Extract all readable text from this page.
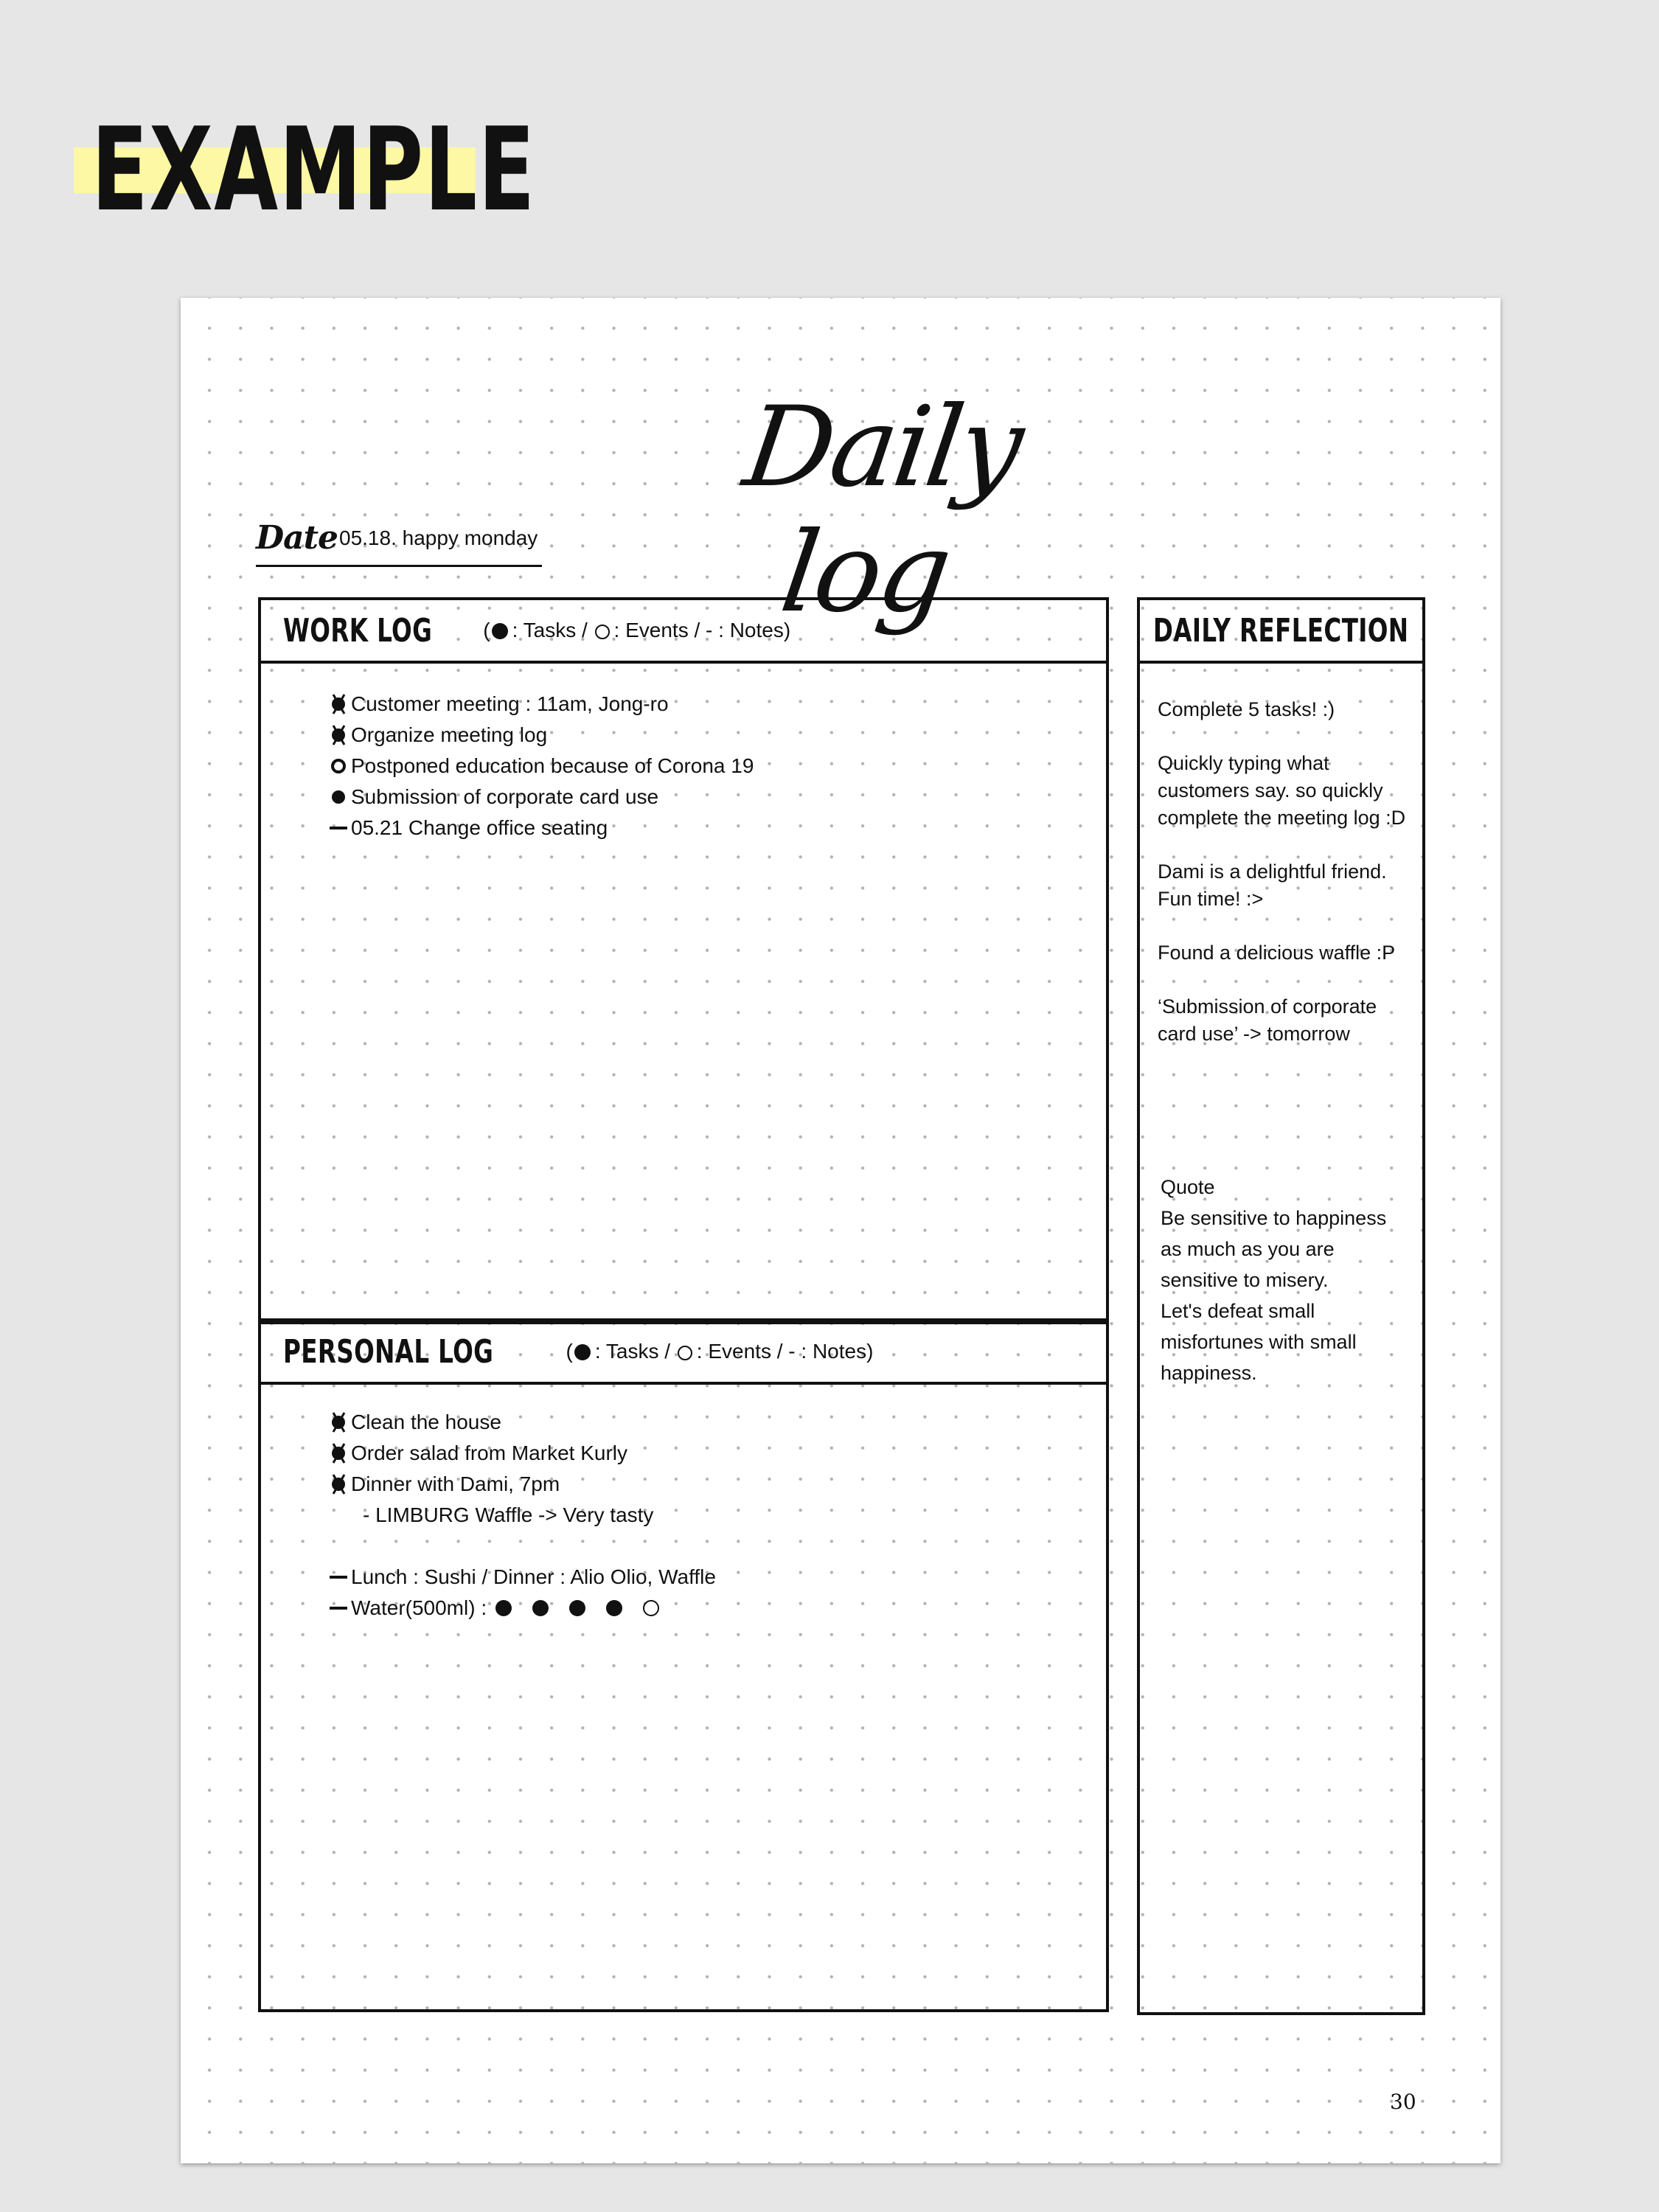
EXAMPLE
Daily log
Date 05.18. happy monday
WORK LOG ( : Tasks / : Events / - : Notes)
Customer meeting : 11am, Jong-ro
Organize meeting log
Postponed education because of Corona 19
Submission of corporate card use
05.21 Change office seating
PERSONAL LOG	( : Tasks / : Events / - : Notes)
Clean the house
Order salad from Market Kurly
Dinner with Dami, 7pm
- LIMBURG Waffle -> Very tasty
Lunch : Sushi / Dinner : Alio Olio, Waffle
Water(500ml) :
DAILY REFLECTION

Complete 5 tasks! :)

Quickly typing what customers say. so quickly complete the meeting log :D

Dami is a delightful friend. Fun time! :>

Found a delicious waffle :P

‘Submission of corporate card use’ -> tomorrow

Quote
Be sensitive to happiness
as much as you are
sensitive to misery.
Let's defeat small
misfortunes with small
happiness.
30
